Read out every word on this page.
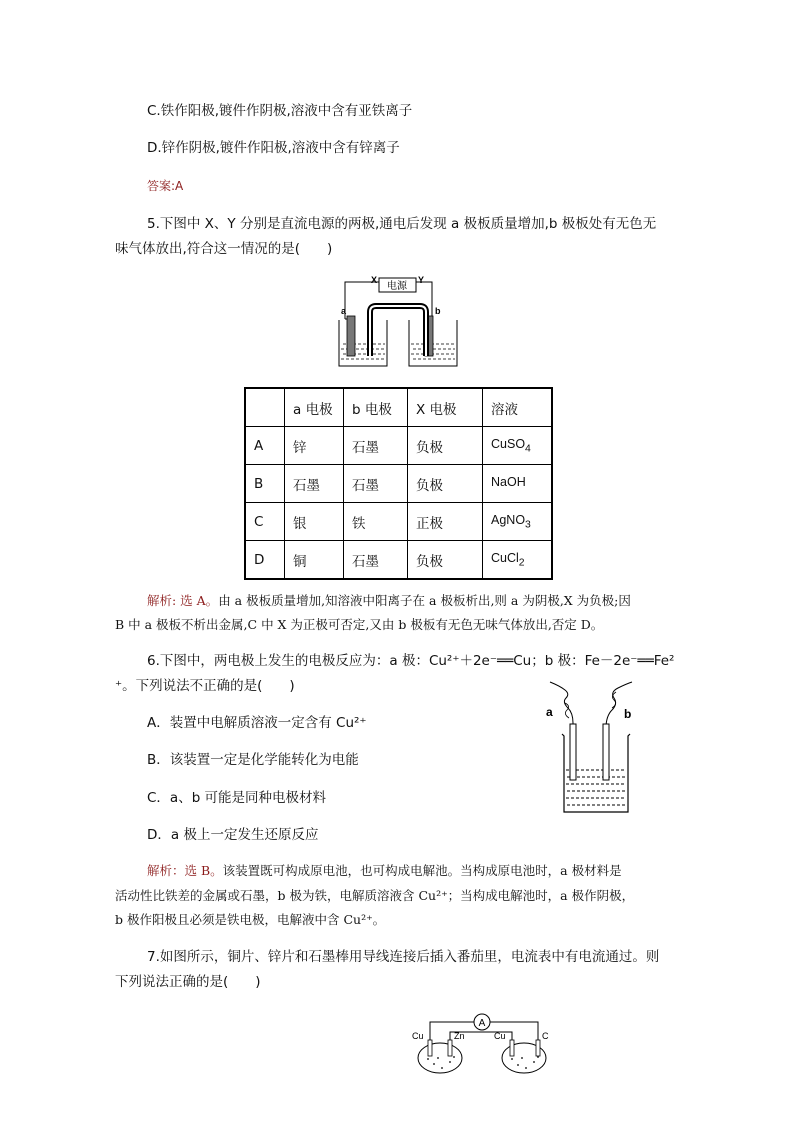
C.铁作阳极,镀件作阴极,溶液中含有亚铁离子
D.锌作阴极,镀件作阳极,溶液中含有锌离子
答案:A
5.下图中 X、Y 分别是直流电源的两极,通电后发现 a 极板质量增加,b 极板处有无色无
味气体放出,符合这一情况的是(　　)
电源
X	Y
a	b
	a 电极	b 电极	X 电极	溶液
A	锌	石墨	负极	CuSO$_4$
B	石墨	石墨	负极	NaOH
C	银	铁	正极	AgNO$_3$
D	铜	石墨	负极	CuCl$_2$
解析: 选 A。由 a 极板质量增加,知溶液中阳离子在 a 极板析出,则 a 为阴极,X 为负极;因
B 中 a 极板不析出金属,C 中 X 为正极可否定,又由 b 极板有无色无味气体放出,否定 D。
6.下图中，两电极上发生的电极反应为：a 极：Cu²⁺＋2e⁻══Cu；b 极：Fe－2e⁻══Fe²
⁺。下列说法不正确的是(　　)
A．装置中电解质溶液一定含有 Cu²⁺
B．该装置一定是化学能转化为电能
C．a、b 可能是同种电极材料
D．a 极上一定发生还原反应
a	b
解析：选 B。该装置既可构成原电池，也可构成电解池。当构成原电池时，a 极材料是
活动性比铁差的金属或石墨，b 极为铁，电解质溶液含 Cu²⁺；当构成电解池时，a 极作阴极，
b 极作阳极且必须是铁电极，电解液中含 Cu²⁺。
7.如图所示，铜片、锌片和石墨棒用导线连接后插入番茄里，电流表中有电流通过。则
下列说法正确的是(　　)
A
Cu	Zn	Cu	C
